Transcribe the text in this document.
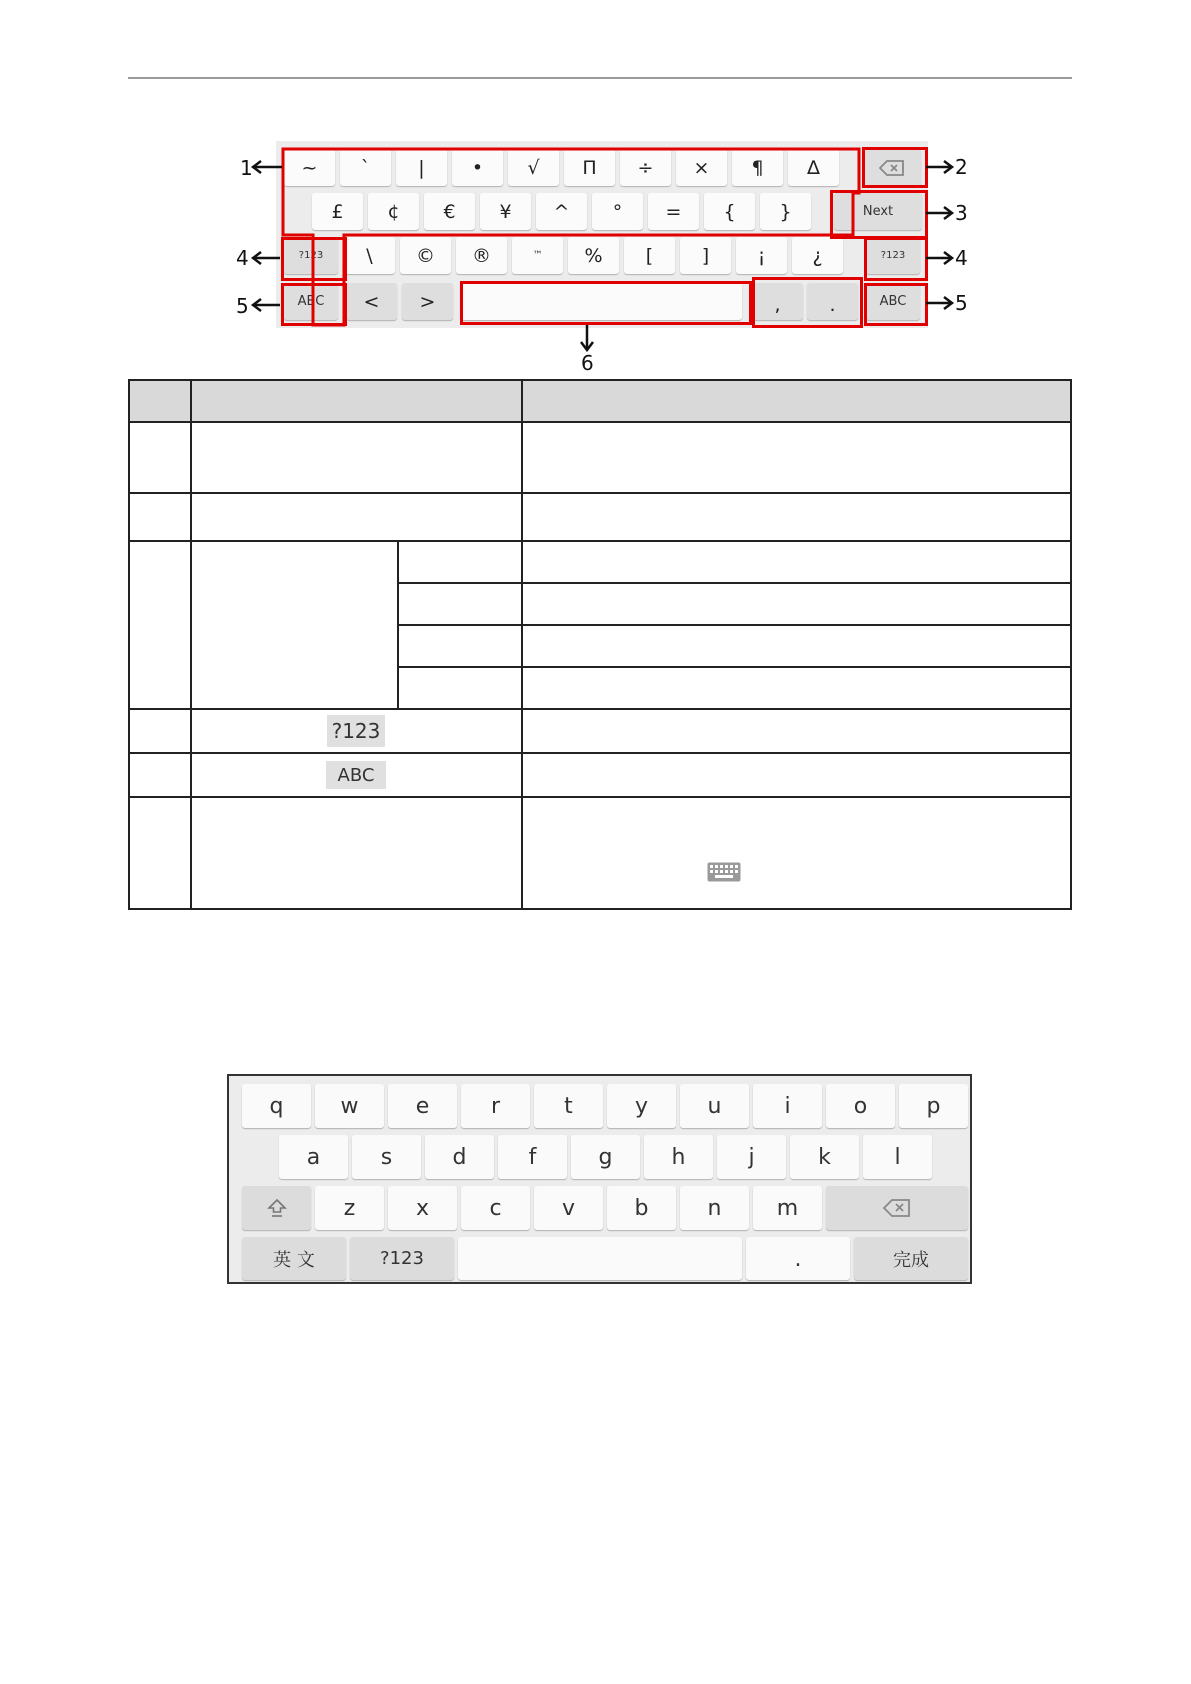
~	`	|	•	√	Π	÷	×	¶	∆
£	¢	€	¥	^	°	=	{	}	Next
?123	\	©	®	™	%	[	]	¡	¿	?123
ABC	<	>	,	.	ABC
1	2
3
4	4
5	5
6
?123
ABC
q	w	e	r	t	y	u	i	o	p
a	s	d	f	g	h	j	k	l
z	x	c	v	b	n	m
英 文	?123	.	完成
